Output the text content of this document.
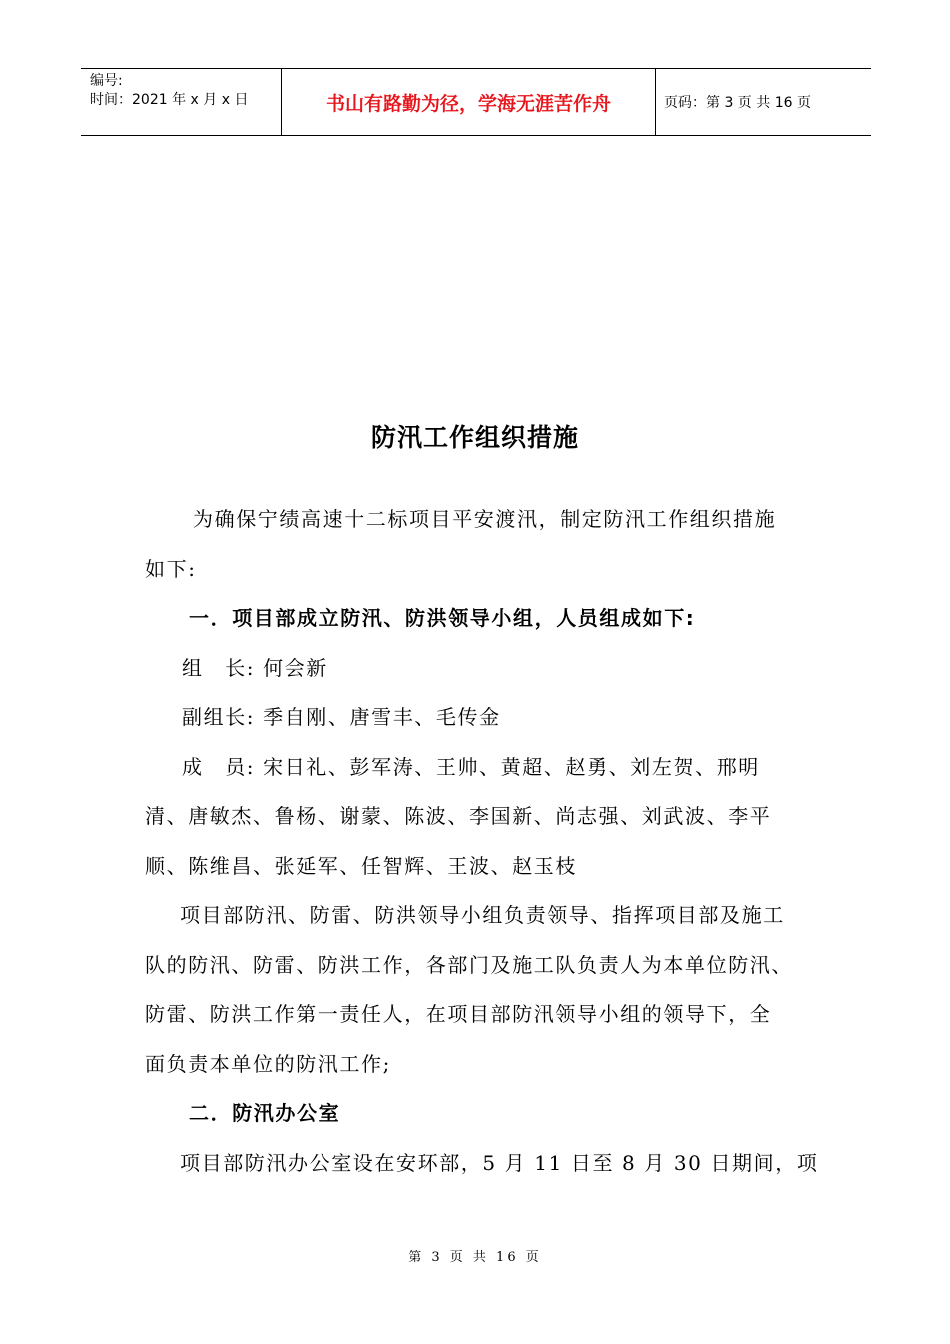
编号:
时间：2021 年 x 月 x 日	书山有路勤为径，学海无涯苦作舟	页码：第 3 页 共 16 页
防汛工作组织措施
为确保宁绩高速十二标项目平安渡汛，制定防汛工作组织措施
如下:
一．项目部成立防汛、防洪领导小组，人员组成如下:
组　长: 何会新
副组长: 季自刚、唐雪丰、毛传金
成　员: 宋日礼、彭军涛、王帅、黄超、赵勇、刘左贺、邢明
清、唐敏杰、鲁杨、谢蒙、陈波、李国新、尚志强、刘武波、李平
顺、陈维昌、张延军、任智辉、王波、赵玉枝
项目部防汛、防雷、防洪领导小组负责领导、指挥项目部及施工
队的防汛、防雷、防洪工作，各部门及施工队负责人为本单位防汛、
防雷、防洪工作第一责任人，在项目部防汛领导小组的领导下，全
面负责本单位的防汛工作;
二．防汛办公室
项目部防汛办公室设在安环部，5 月 11 日至 8 月 30 日期间，项
第 3 页 共 16 页
